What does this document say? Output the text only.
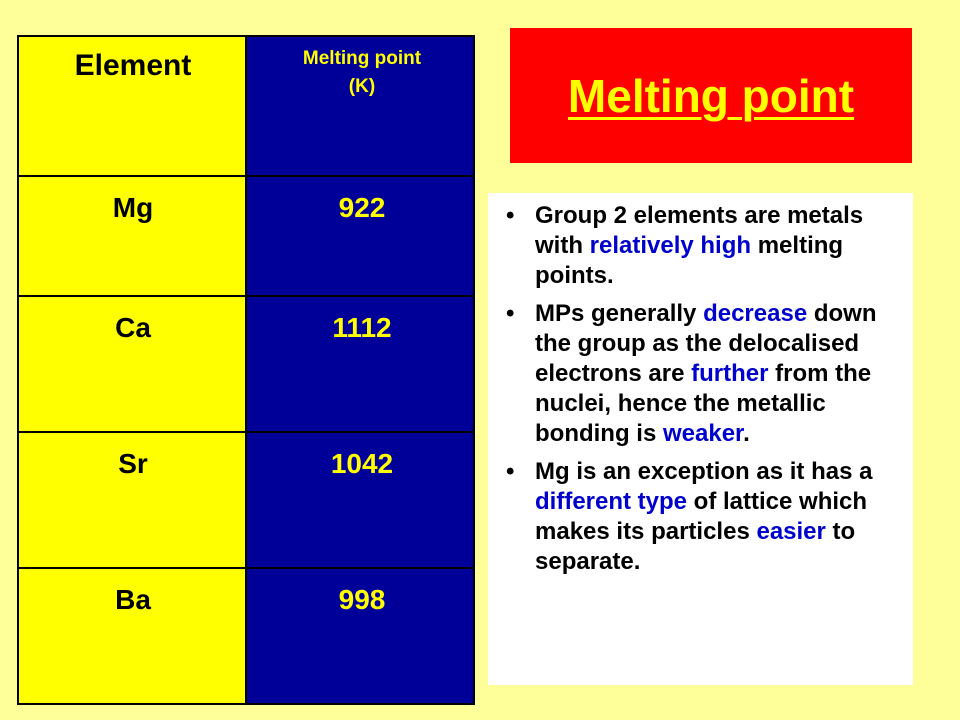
Element	Melting point
(K)
Mg	922
Ca	1112
Sr	1042
Ba	998
Melting point
• Group 2 elements are metals with relatively high melting points.
• MPs generally decrease down the group as the delocalised electrons are further from the nuclei, hence the metallic bonding is weaker.
• Mg is an exception as it has a different type of lattice which makes its particles easier to separate.
